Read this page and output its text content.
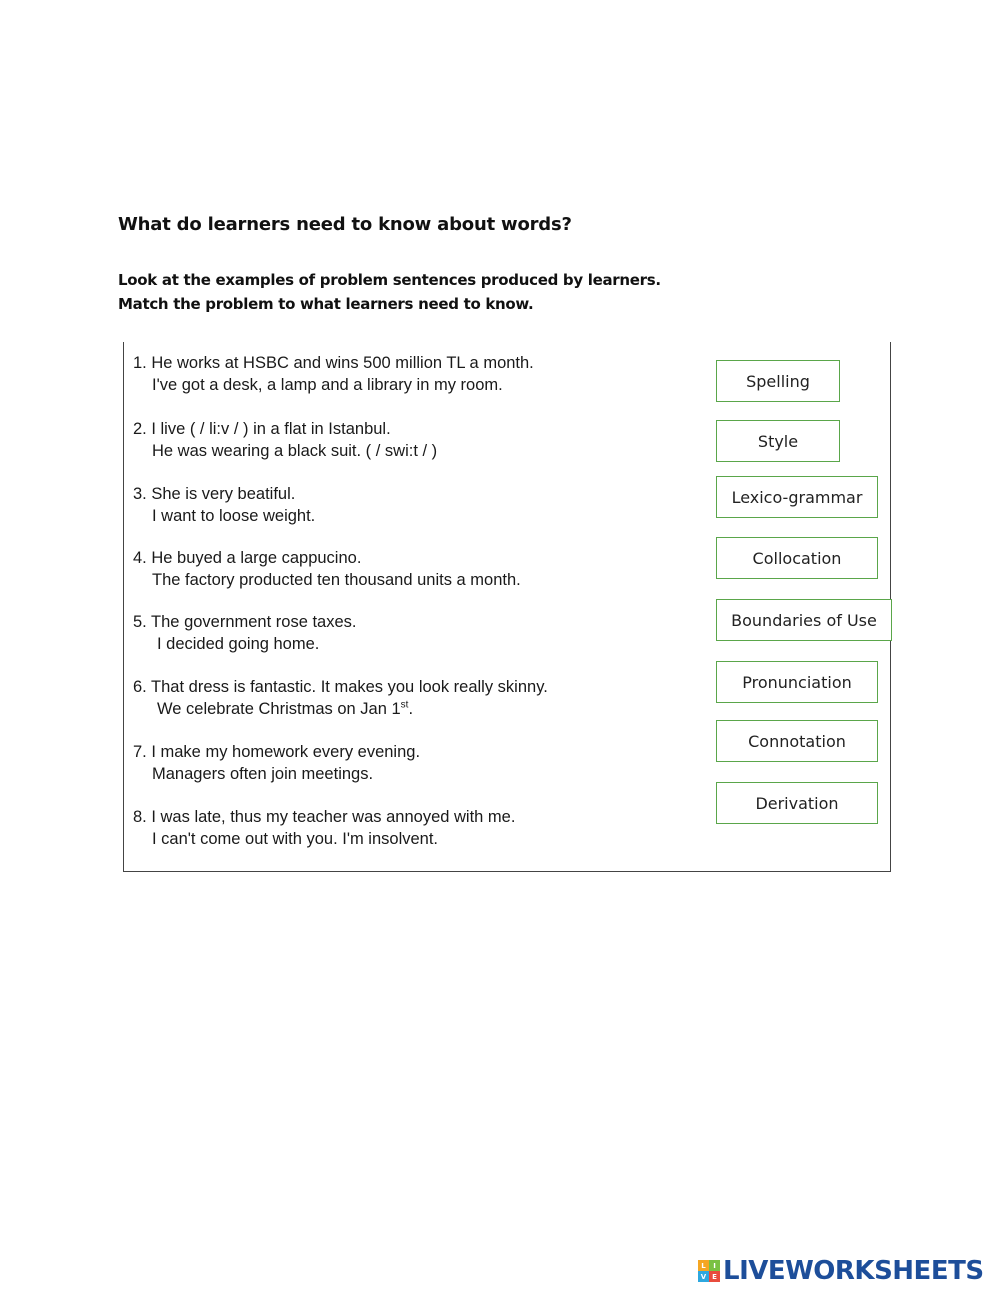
What do learners need to know about words?
Look at the examples of problem sentences produced by learners.
Match the problem to what learners need to know.
1. He works at HSBC and wins 500 million TL a month.
I've got a desk, a lamp and a library in my room.
2. I live ( / li:v / ) in a flat in Istanbul.
He was wearing a black suit. ( / swi:t / )
3. She is very beatiful.
I want to loose weight.
4. He buyed a large cappucino.
The factory producted ten thousand units a month.
5. The government rose taxes.
I decided going home.
6. That dress is fantastic. It makes you look really skinny.
We celebrate Christmas on Jan 1st.
7. I make my homework every evening.
Managers often join meetings.
8. I was late, thus my teacher was annoyed with me.
I can't come out with you. I'm insolvent.
Spelling
Style
Lexico-grammar
Collocation
Boundaries of Use
Pronunciation
Connotation
Derivation
L	I
V E LIVEWORKSHEETS
